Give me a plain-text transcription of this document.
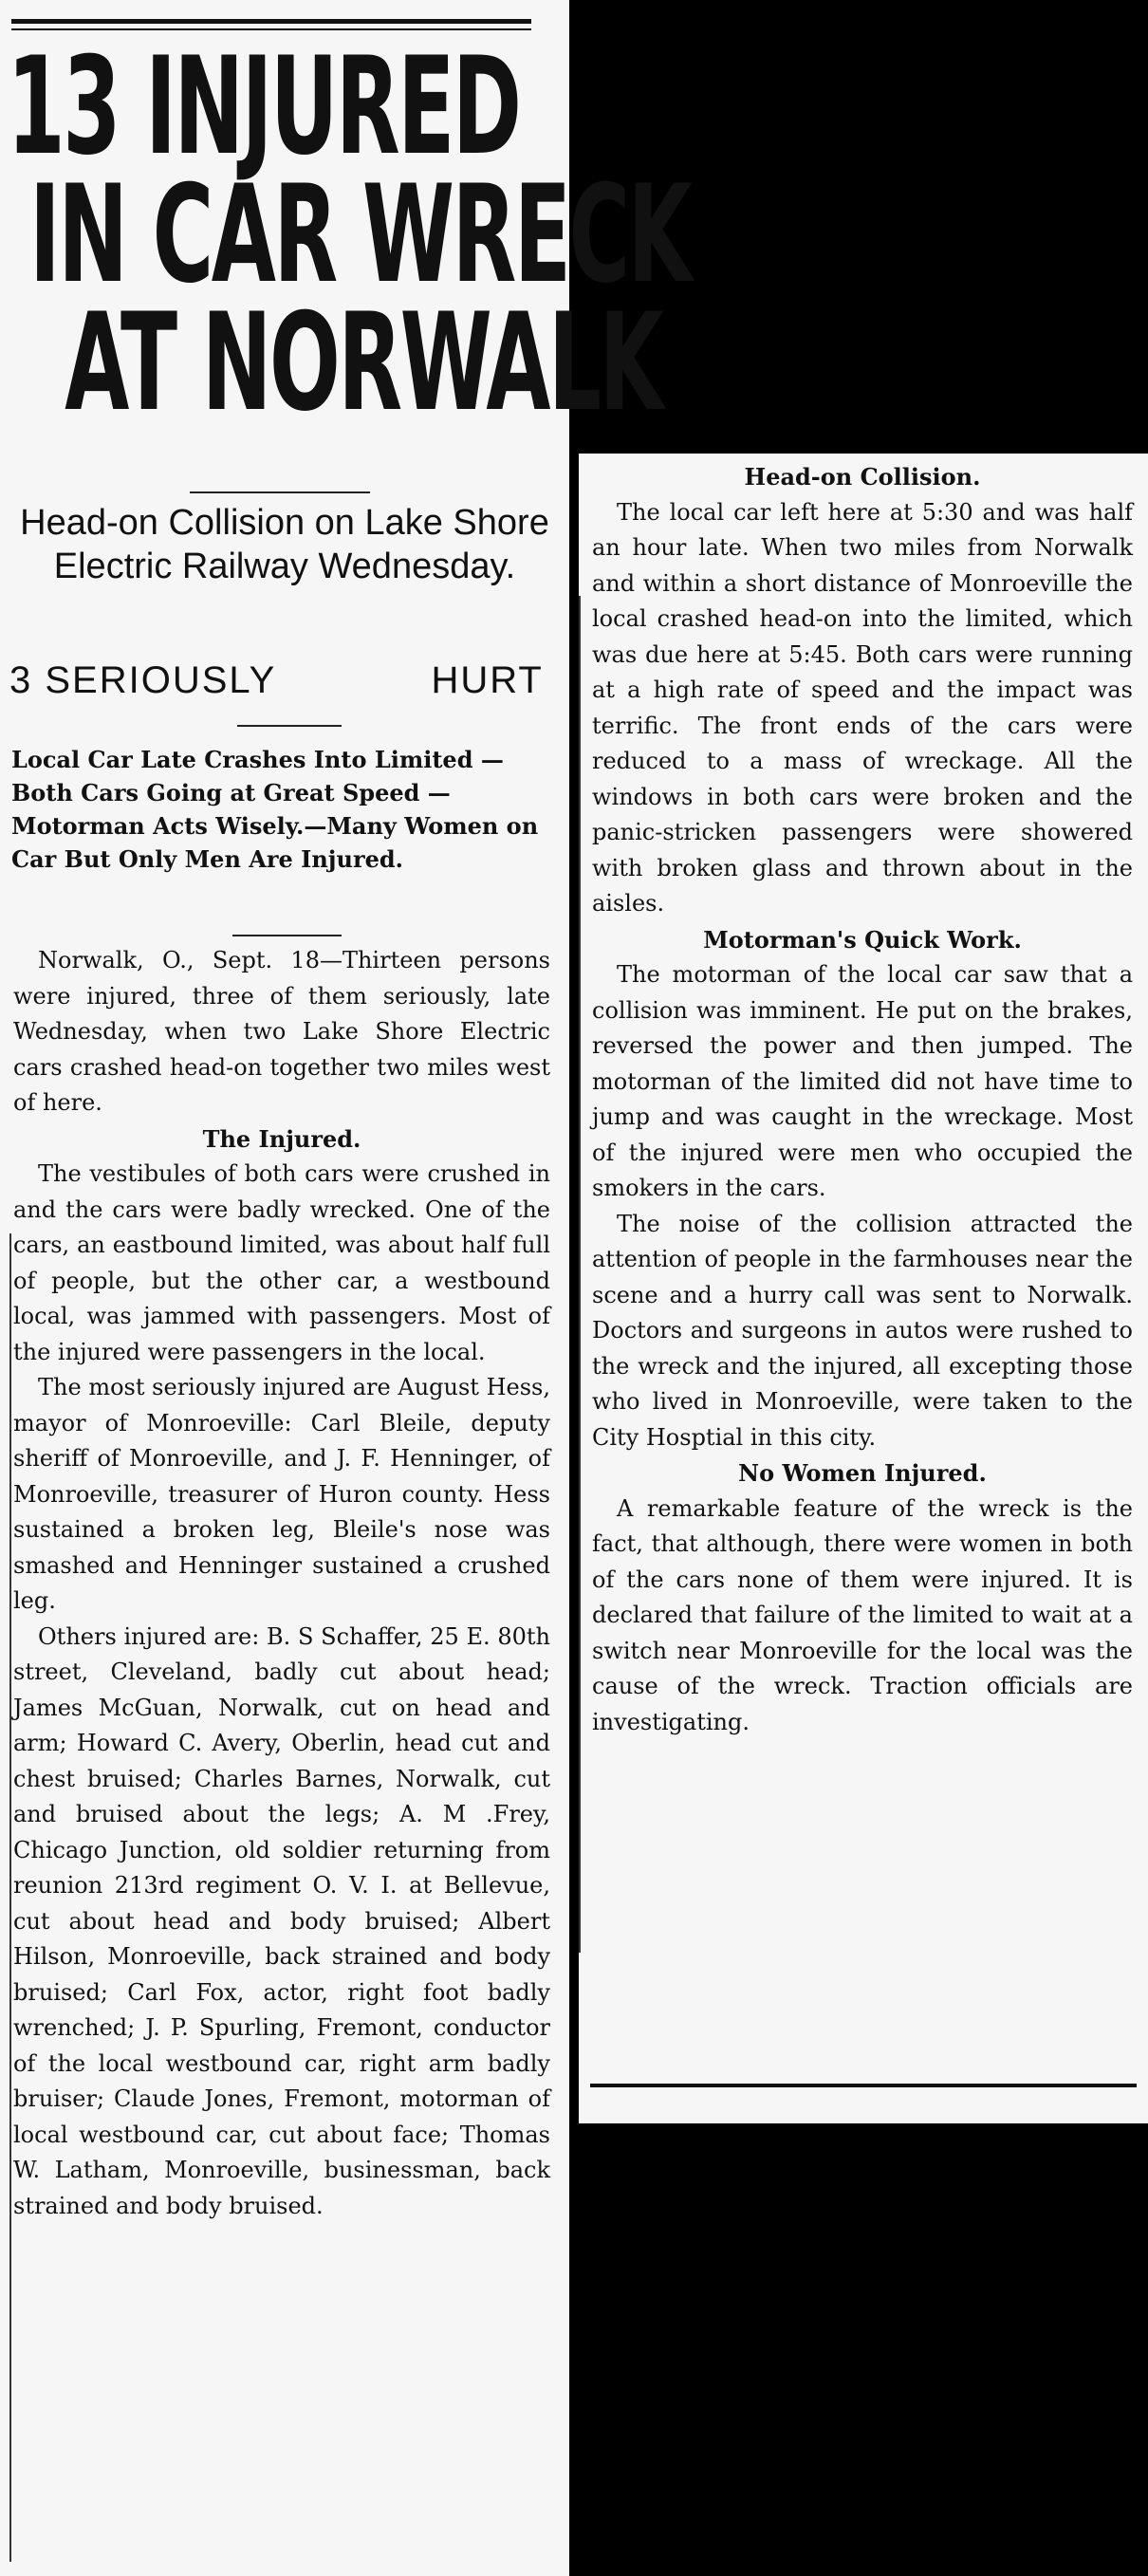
13 INJURED
IN CAR WRECK
AT NORWALK
Head-on Collision on Lake Shore Electric Railway Wednesday.
3 SERIOUSLY	HURT

Local Car Late Crashes Into Limited —Both Cars Going at Great Speed —Motorman Acts Wisely.—Many Women on Car But Only Men Are Injured.

Norwalk, O., Sept. 18—Thirteen persons were injured, three of them seriously, late Wednesday, when two Lake Shore Electric cars crashed head-on together two miles west of here.

The Injured.

The vestibules of both cars were crushed in and the cars were badly wrecked. One of the cars, an eastbound limited, was about half full of people, but the other car, a westbound local, was jammed with passengers. Most of the injured were passengers in the local.

The most seriously injured are August Hess, mayor of Monroeville: Carl Bleile, deputy sheriff of Monroeville, and J. F. Henninger, of Monroeville, treasurer of Huron county. Hess sustained a broken leg, Bleile's nose was smashed and Henninger sustained a crushed leg.

Others injured are: B. S Schaffer, 25 E. 80th street, Cleveland, badly cut about head; James McGuan, Norwalk, cut on head and arm; Howard C. Avery, Oberlin, head cut and chest bruised; Charles Barnes, Norwalk, cut and bruised about the legs; A. M .Frey, Chicago Junction, old soldier returning from reunion 213rd regiment O. V. I. at Bellevue, cut about head and body bruised; Albert Hilson, Monroeville, back strained and body bruised; Carl Fox, actor, right foot badly wrenched; J. P. Spurling, Fremont, conductor of the local westbound car, right arm badly bruiser; Claude Jones, Fremont, motorman of local westbound car, cut about face; Thomas W. Latham, Monroeville, businessman, back strained and body bruised.

Head-on Collision.

The local car left here at 5:30 and was half an hour late. When two miles from Norwalk and within a short distance of Monroeville the local crashed head-on into the limited, which was due here at 5:45. Both cars were running at a high rate of speed and the impact was terrific. The front ends of the cars were reduced to a mass of wreckage. All the windows in both cars were broken and the panic-stricken passengers were showered with broken glass and thrown about in the aisles.

Motorman's Quick Work.

The motorman of the local car saw that a collision was imminent. He put on the brakes, reversed the power and then jumped. The motorman of the limited did not have time to jump and was caught in the wreckage. Most of the injured were men who occupied the smokers in the cars.

The noise of the collision attracted the attention of people in the farmhouses near the scene and a hurry call was sent to Norwalk. Doctors and surgeons in autos were rushed to the wreck and the injured, all excepting those who lived in Monroeville, were taken to the City Hosptial in this city.

No Women Injured.

A remarkable feature of the wreck is the fact, that although, there were women in both of the cars none of them were injured. It is declared that failure of the limited to wait at a switch near Monroeville for the local was the cause of the wreck. Traction officials are investigating.
